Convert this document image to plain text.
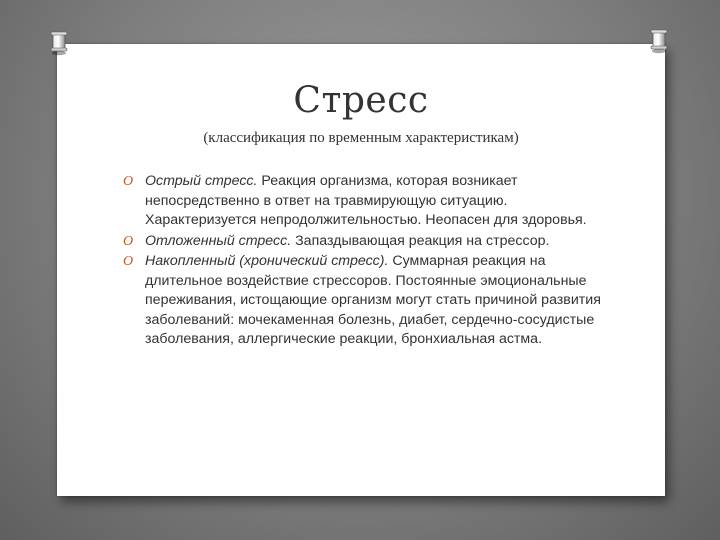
Стресс
(классификация по временным характеристикам)
O Острый стресс. Реакция организма, которая возникает непосредственно в ответ на травмирующую ситуацию. Характеризуется непродолжительностью. Неопасен для здоровья.
O Отложенный стресс. Запаздывающая реакция на стрессор.
O Накопленный (хронический стресс). Суммарная реакция на длительное воздействие стрессоров. Постоянные эмоциональные переживания, истощающие организм могут стать причиной развития заболеваний: мочекаменная болезнь, диабет, сердечно-сосудистые заболевания, аллергические реакции, бронхиальная астма.
